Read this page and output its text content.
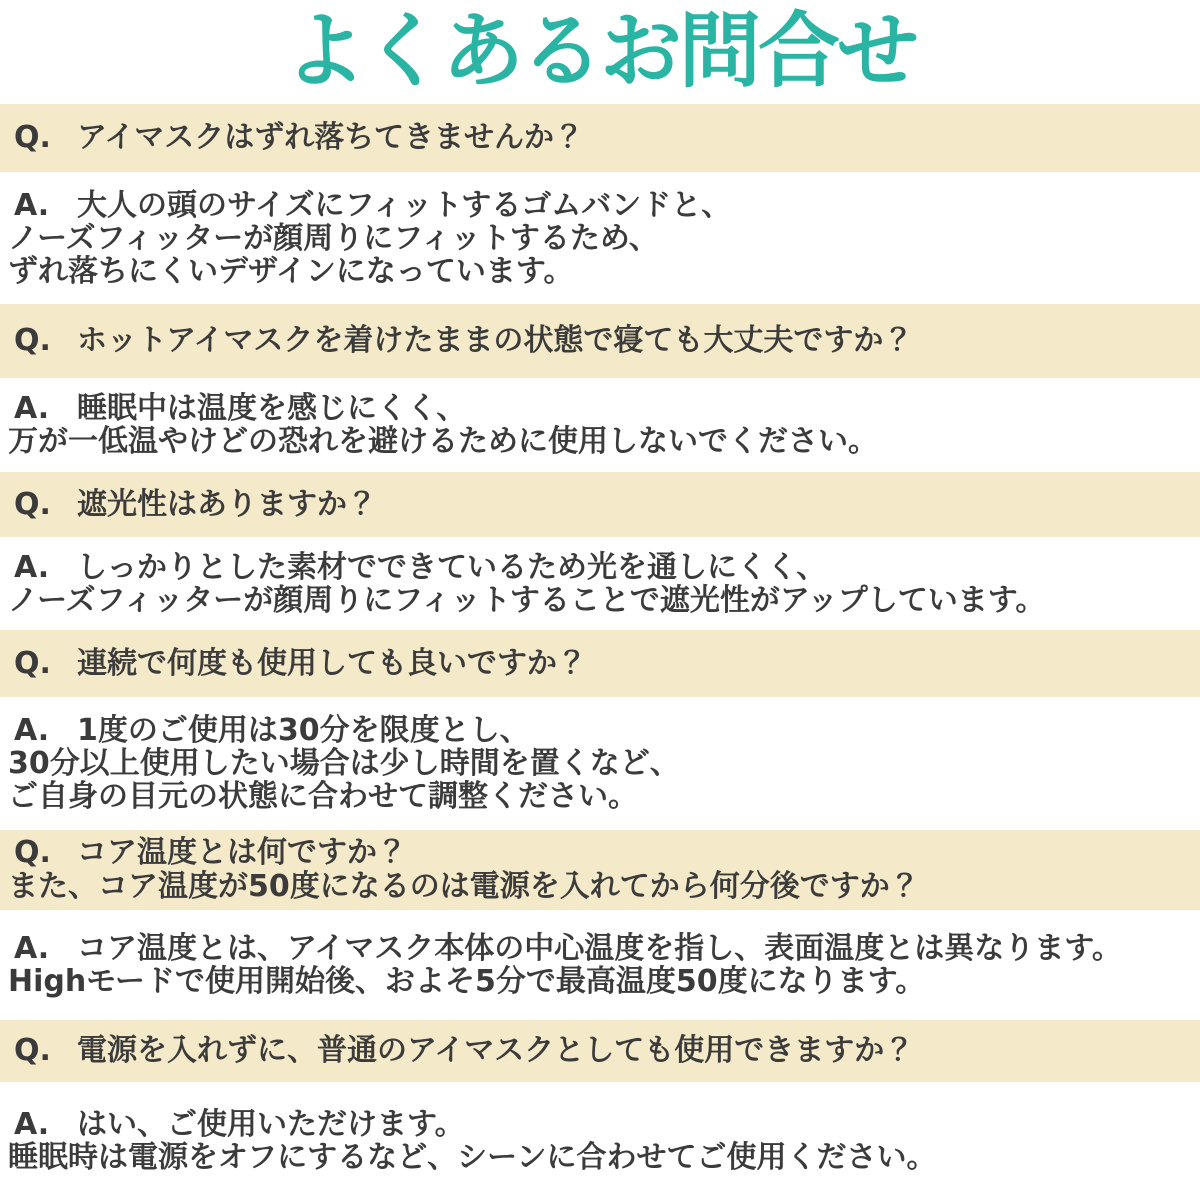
よくあるお問合せ
Q. アイマスクはずれ落ちてきませんか？
A. 大人の頭のサイズにフィットするゴムバンドと、
ノーズフィッターが顔周りにフィットするため、
ずれ落ちにくいデザインになっています。
Q. ホットアイマスクを着けたままの状態で寝ても大丈夫ですか？
A. 睡眠中は温度を感じにくく、
万が一低温やけどの恐れを避けるために使用しないでください。
Q. 遮光性はありますか？
A. しっかりとした素材でできているため光を通しにくく、
ノーズフィッターが顔周りにフィットすることで遮光性がアップしています。
Q. 連続で何度も使用しても良いですか？
A. 1度のご使用は30分を限度とし、
30分以上使用したい場合は少し時間を置くなど、
ご自身の目元の状態に合わせて調整ください。
Q. コア温度とは何ですか？
また、コア温度が50度になるのは電源を入れてから何分後ですか？
A. コア温度とは、アイマスク本体の中心温度を指し、表面温度とは異なります。
Highモードで使用開始後、およそ5分で最高温度50度になります。
Q. 電源を入れずに、普通のアイマスクとしても使用できますか？
A. はい、ご使用いただけます。
睡眠時は電源をオフにするなど、シーンに合わせてご使用ください。
